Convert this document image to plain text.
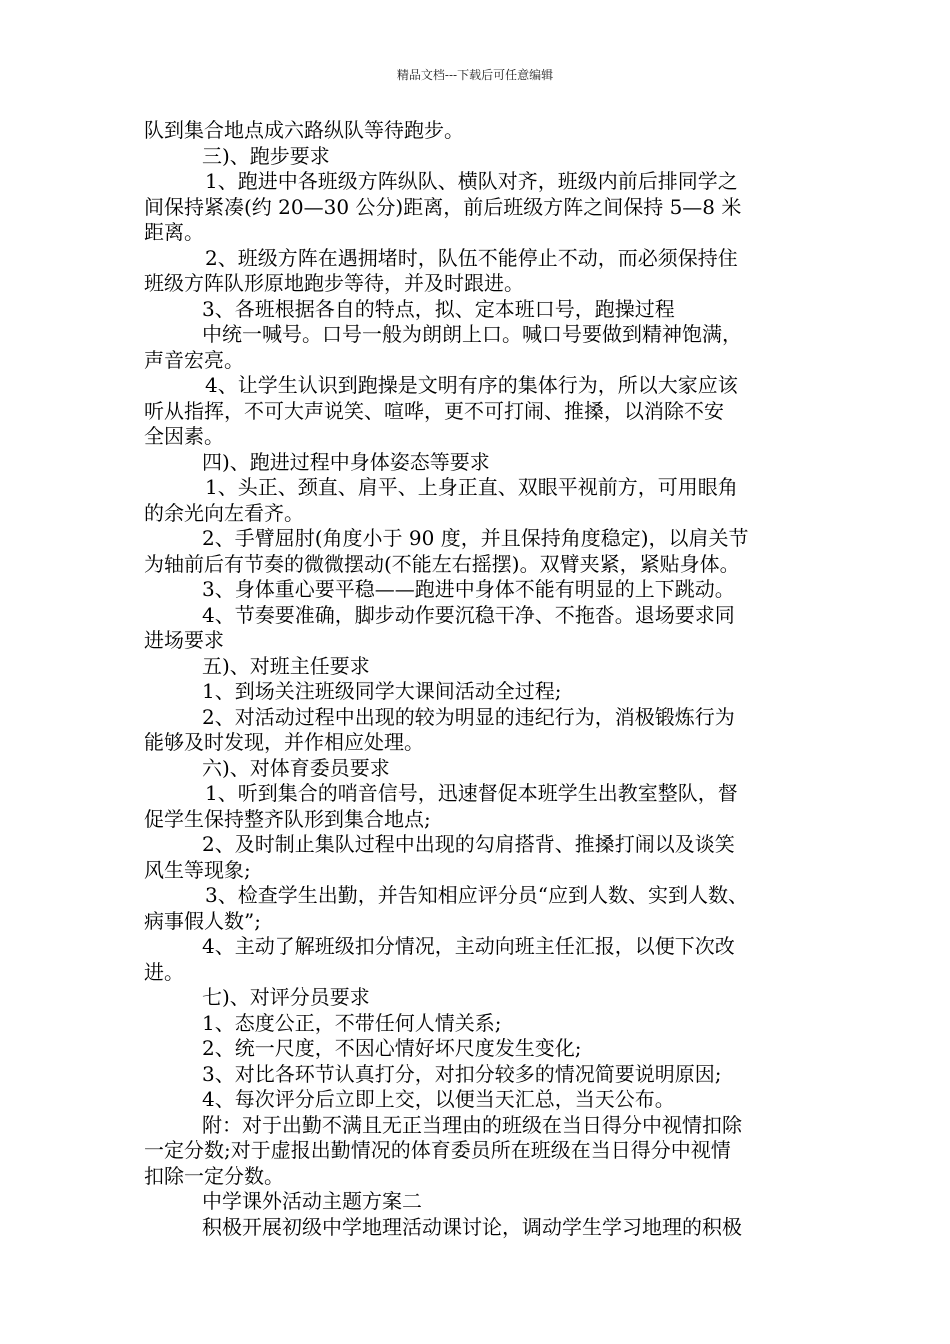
精品文档---下载后可任意编辑
队到集合地点成六路纵队等待跑步。
三)、跑步要求
1、跑进中各班级方阵纵队、横队对齐，班级内前后排同学之
间保持紧凑(约 20—30 公分)距离，前后班级方阵之间保持 5—8 米
距离。
2、班级方阵在遇拥堵时，队伍不能停止不动，而必须保持住
班级方阵队形原地跑步等待，并及时跟进。
3、各班根据各自的特点，拟、定本班口号，跑操过程
中统一喊号。口号一般为朗朗上口。喊口号要做到精神饱满，
声音宏亮。
4、让学生认识到跑操是文明有序的集体行为，所以大家应该
听从指挥，不可大声说笑、喧哗，更不可打闹、推搡，以消除不安
全因素。
四)、跑进过程中身体姿态等要求
1、头正、颈直、肩平、上身正直、双眼平视前方，可用眼角
的余光向左看齐。
2、手臂屈肘(角度小于 90 度，并且保持角度稳定)，以肩关节
为轴前后有节奏的微微摆动(不能左右摇摆)。双臂夹紧，紧贴身体。
3、身体重心要平稳——跑进中身体不能有明显的上下跳动。
4、节奏要准确，脚步动作要沉稳干净、不拖沓。退场要求同
进场要求
五)、对班主任要求
1、到场关注班级同学大课间活动全过程;
2、对活动过程中出现的较为明显的违纪行为，消极锻炼行为
能够及时发现，并作相应处理。
六)、对体育委员要求
1、听到集合的哨音信号，迅速督促本班学生出教室整队，督
促学生保持整齐队形到集合地点;
2、及时制止集队过程中出现的勾肩搭背、推搡打闹以及谈笑
风生等现象;
3、检查学生出勤，并告知相应评分员“应到人数、实到人数、
病事假人数”;
4、主动了解班级扣分情况，主动向班主任汇报，以便下次改
进。
七)、对评分员要求
1、态度公正，不带任何人情关系;
2、统一尺度，不因心情好坏尺度发生变化;
3、对比各环节认真打分，对扣分较多的情况简要说明原因;
4、每次评分后立即上交，以便当天汇总，当天公布。
附：对于出勤不满且无正当理由的班级在当日得分中视情扣除
一定分数;对于虚报出勤情况的体育委员所在班级在当日得分中视情
扣除一定分数。
中学课外活动主题方案二
积极开展初级中学地理活动课讨论，调动学生学习地理的积极
